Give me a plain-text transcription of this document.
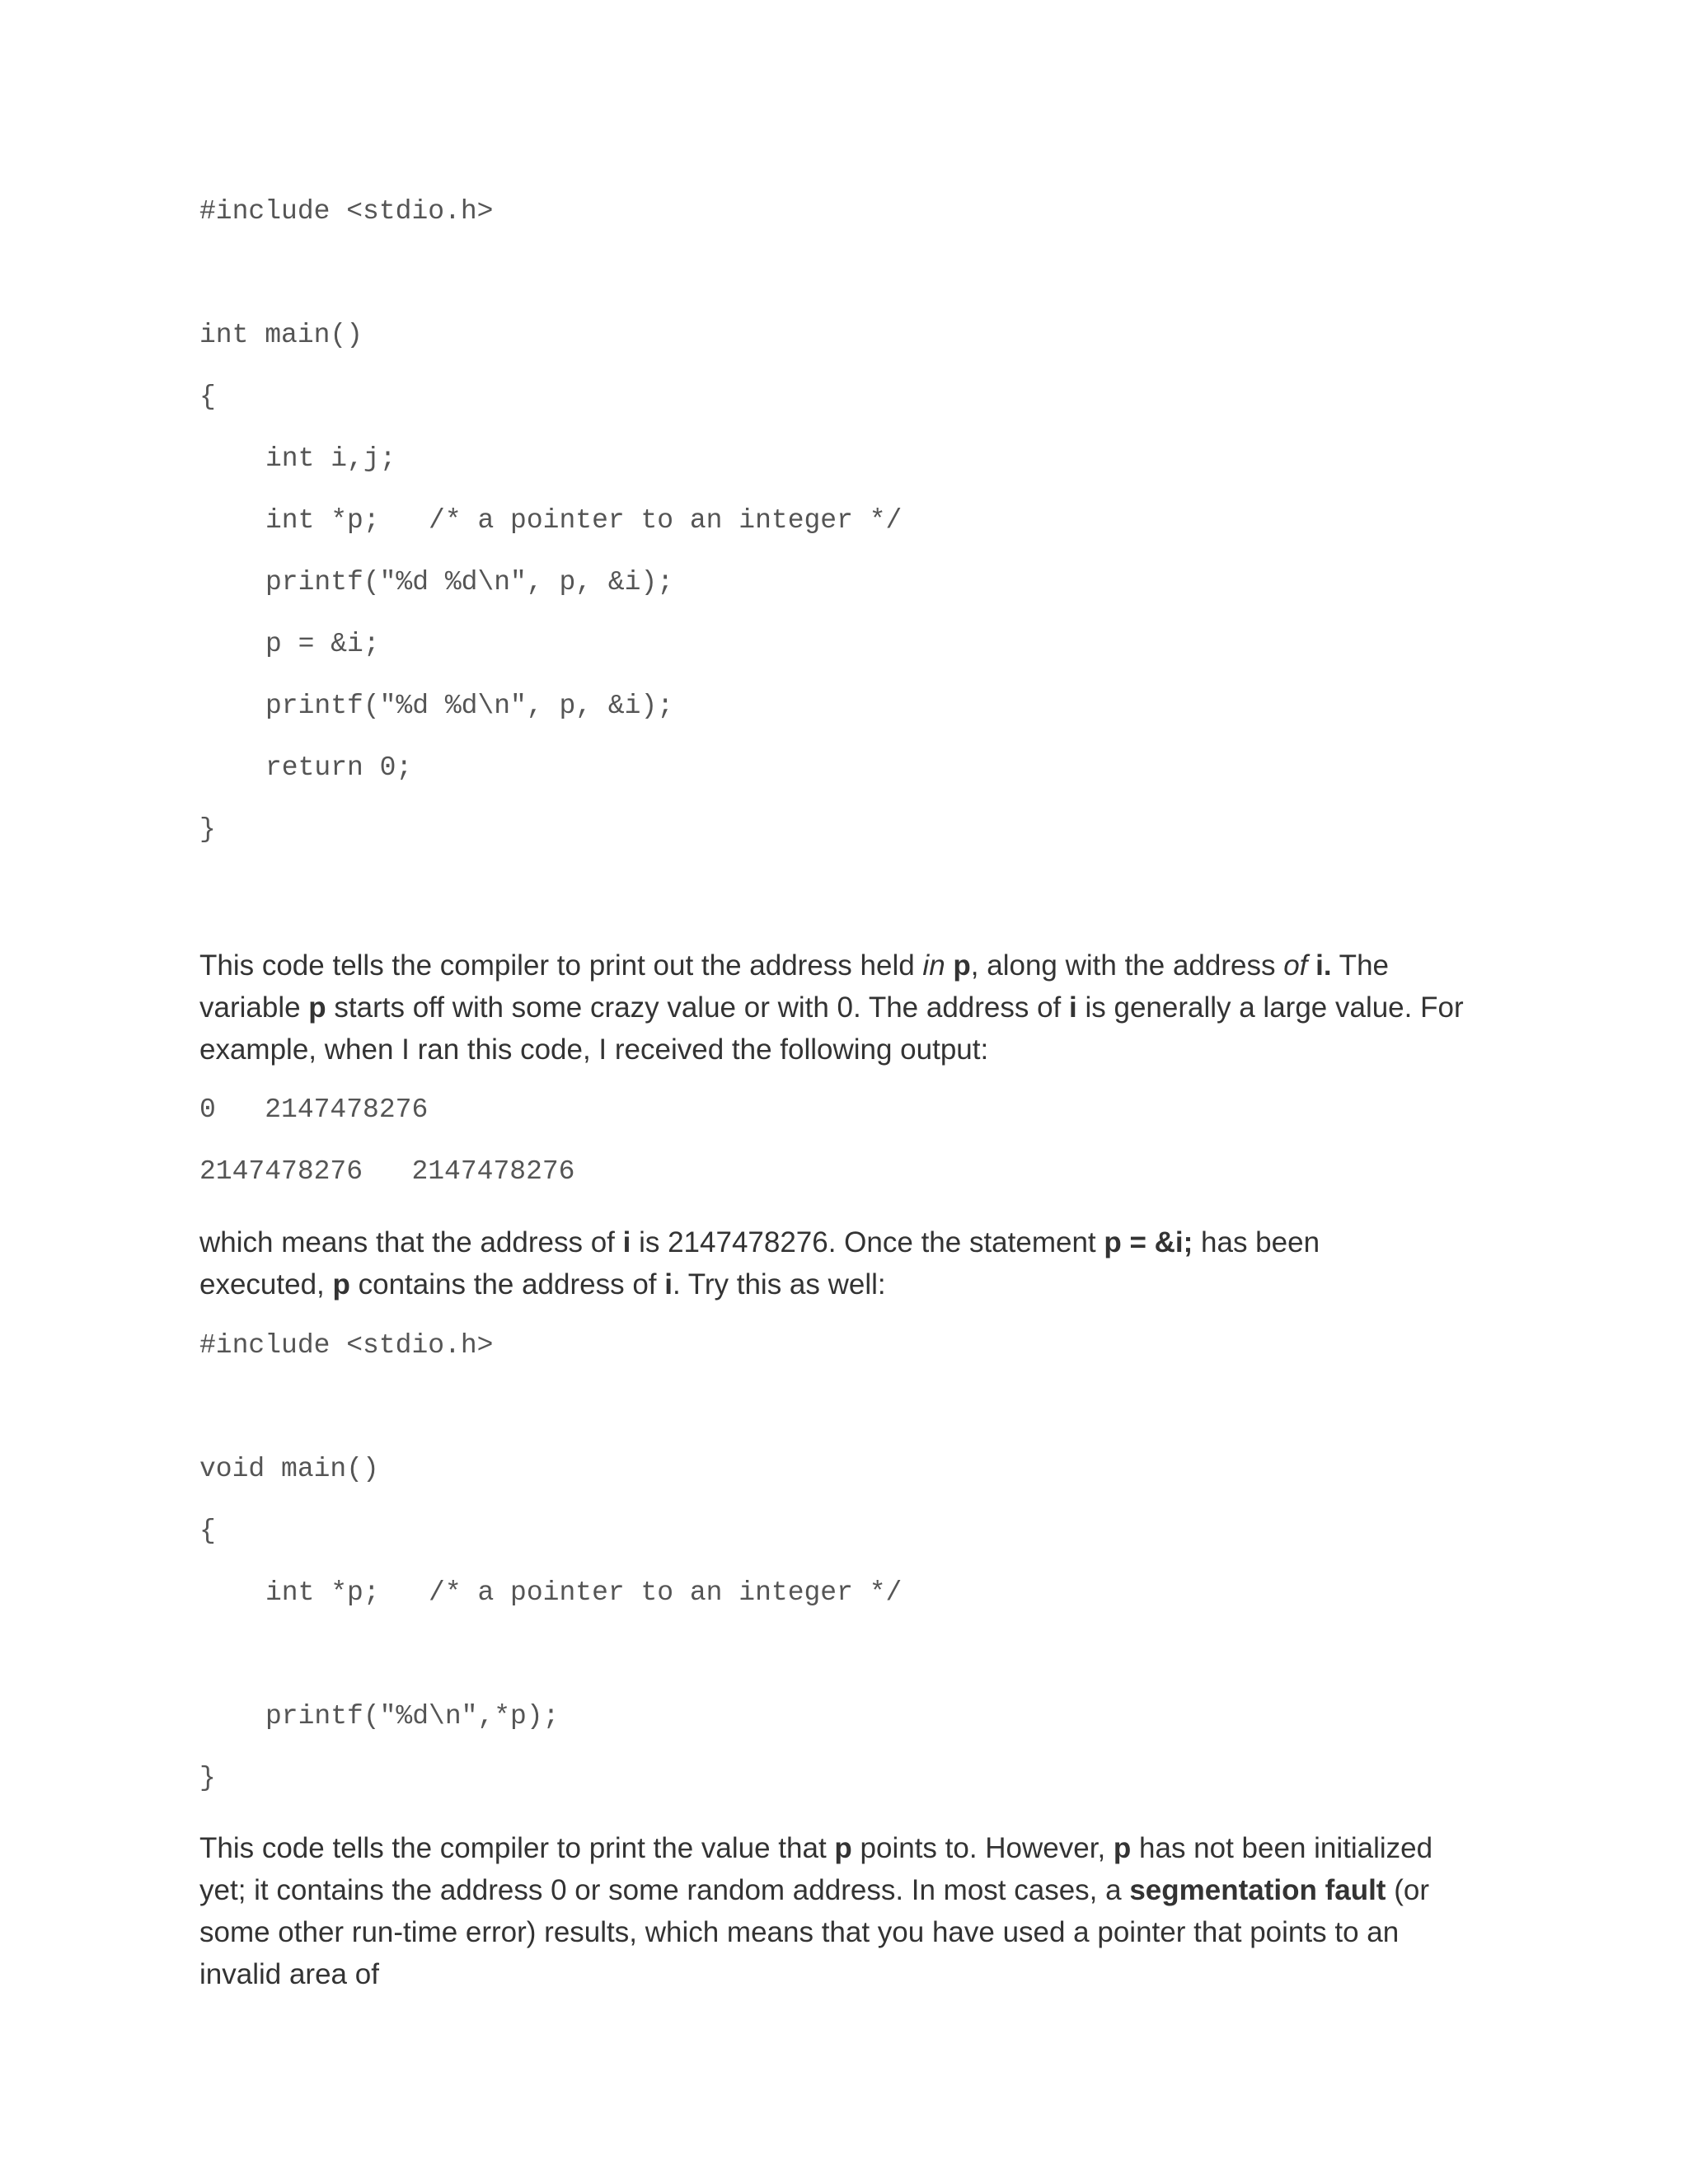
#include <stdio.h>
int main()
{
int i,j;
int *p;   /* a pointer to an integer */
printf("%d %d\n", p, &i);
p = &i;
printf("%d %d\n", p, &i);
return 0;
}

This code tells the compiler to print out the address held in p, along with the address of i. The variable p starts off with some crazy value or with 0. The address of i is generally a large value. For example, when I ran this code, I received the following output:

0   2147478276
2147478276   2147478276

which means that the address of i is 2147478276. Once the statement p = &i; has been
executed, p contains the address of i. Try this as well:

#include <stdio.h>
void main()
{
int *p;   /* a pointer to an integer */
printf("%d\n",*p);
}

This code tells the compiler to print the value that p points to. However, p has not been initialized yet; it contains the address 0 or some random address. In most cases, a segmentation fault (or some other run-time error) results, which means that you have used a pointer that points to an invalid area of
